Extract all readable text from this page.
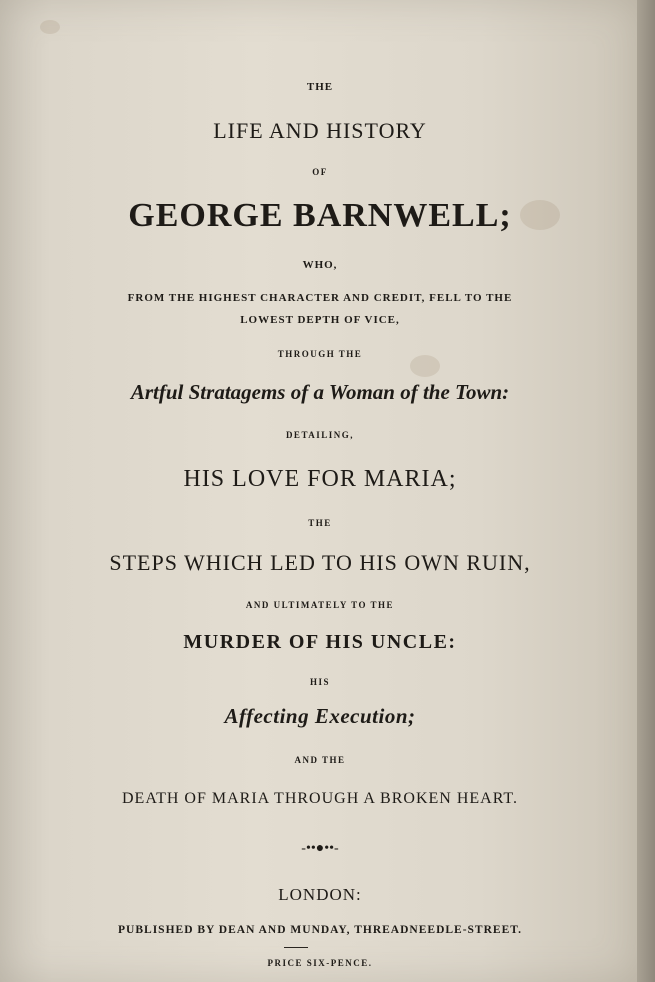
THE
LIFE AND HISTORY
OF
GEORGE BARNWELL;
WHO,
FROM THE HIGHEST CHARACTER AND CREDIT, FELL TO THE
LOWEST DEPTH OF VICE,
THROUGH THE
Artful Stratagems of a Woman of the Town:
DETAILING,
HIS LOVE FOR MARIA;
THE
STEPS WHICH LED TO HIS OWN RUIN,
AND ULTIMATELY TO THE
MURDER OF HIS UNCLE:
HIS
Affecting Execution;
AND THE
DEATH OF MARIA THROUGH A BROKEN HEART.
-••●••-
LONDON:
PUBLISHED BY DEAN AND MUNDAY, THREADNEEDLE-STREET.
PRICE SIX-PENCE.
